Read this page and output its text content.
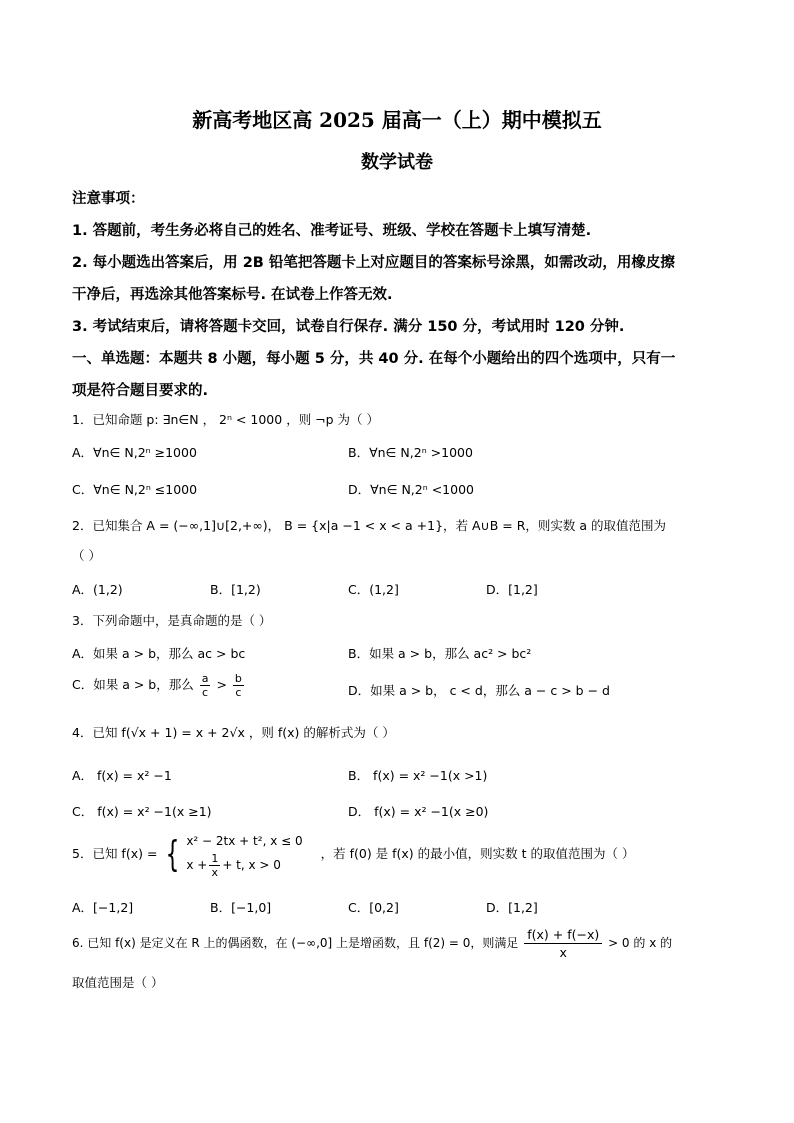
新高考地区高 2025 届高一（上）期中模拟五
数学试卷
注意事项：
1. 答题前，考生务必将自己的姓名、准考证号、班级、学校在答题卡上填写清楚.
2. 每小题选出答案后，用 2B 铅笔把答题卡上对应题目的答案标号涂黑，如需改动，用橡皮擦
干净后，再选涂其他答案标号. 在试卷上作答无效.
3. 考试结束后，请将答题卡交回，试卷自行保存. 满分 150 分，考试用时 120 分钟.
一、单选题：本题共 8 小题，每小题 5 分，共 40 分. 在每个小题给出的四个选项中，只有一
项是符合题目要求的.
1．已知命题 p: ∃n∈N ， 2ⁿ < 1000 ，则 ¬p 为（ ）
A．∀n∈ N,2ⁿ ≥1000	B．∀n∈ N,2ⁿ >1000
C．∀n∈ N,2ⁿ ≤1000	D．∀n∈ N,2ⁿ <1000
2．已知集合 A = (−∞,1]∪[2,+∞)， B = {x|a −1 < x < a +1}，若 A∪B = R，则实数 a 的取值范围为
（ ）
A．(1,2)	B．[1,2)	C．(1,2]	D．[1,2]
3．下列命题中，是真命题的是（ ）
A．如果 a > b，那么 ac > bc	B．如果 a > b，那么 ac² > bc²
C．如果 a > b，那么 $\frac{a}{c} > \frac{b}{c}$	D．如果 a > b， c < d，那么 a − c > b − d
4．已知 f(√x + 1) = x + 2√x ，则 f(x) 的解析式为（ ）
A． f(x) = x² −1	B． f(x) = x² −1(x >1)
C． f(x) = x² −1(x ≥1)	D． f(x) = x² −1(x ≥0)
5．已知 f(x) = { x² − 2tx + t², x ≤ 0
$x + \frac{1}{x} + t$, x > 0
，若 f(0) 是 f(x) 的最小值，则实数 t 的取值范围为（ ）
A．[−1,2]	B．[−1,0]	C．[0,2]	D．[1,2]
6. 已知 f(x) 是定义在 R 上的偶函数，在 (−∞,0] 上是增函数，且 f(2) = 0，则满足 $\frac{f(x) + f(-x)}{x} > 0$ 的 x 的
取值范围是（ ）
